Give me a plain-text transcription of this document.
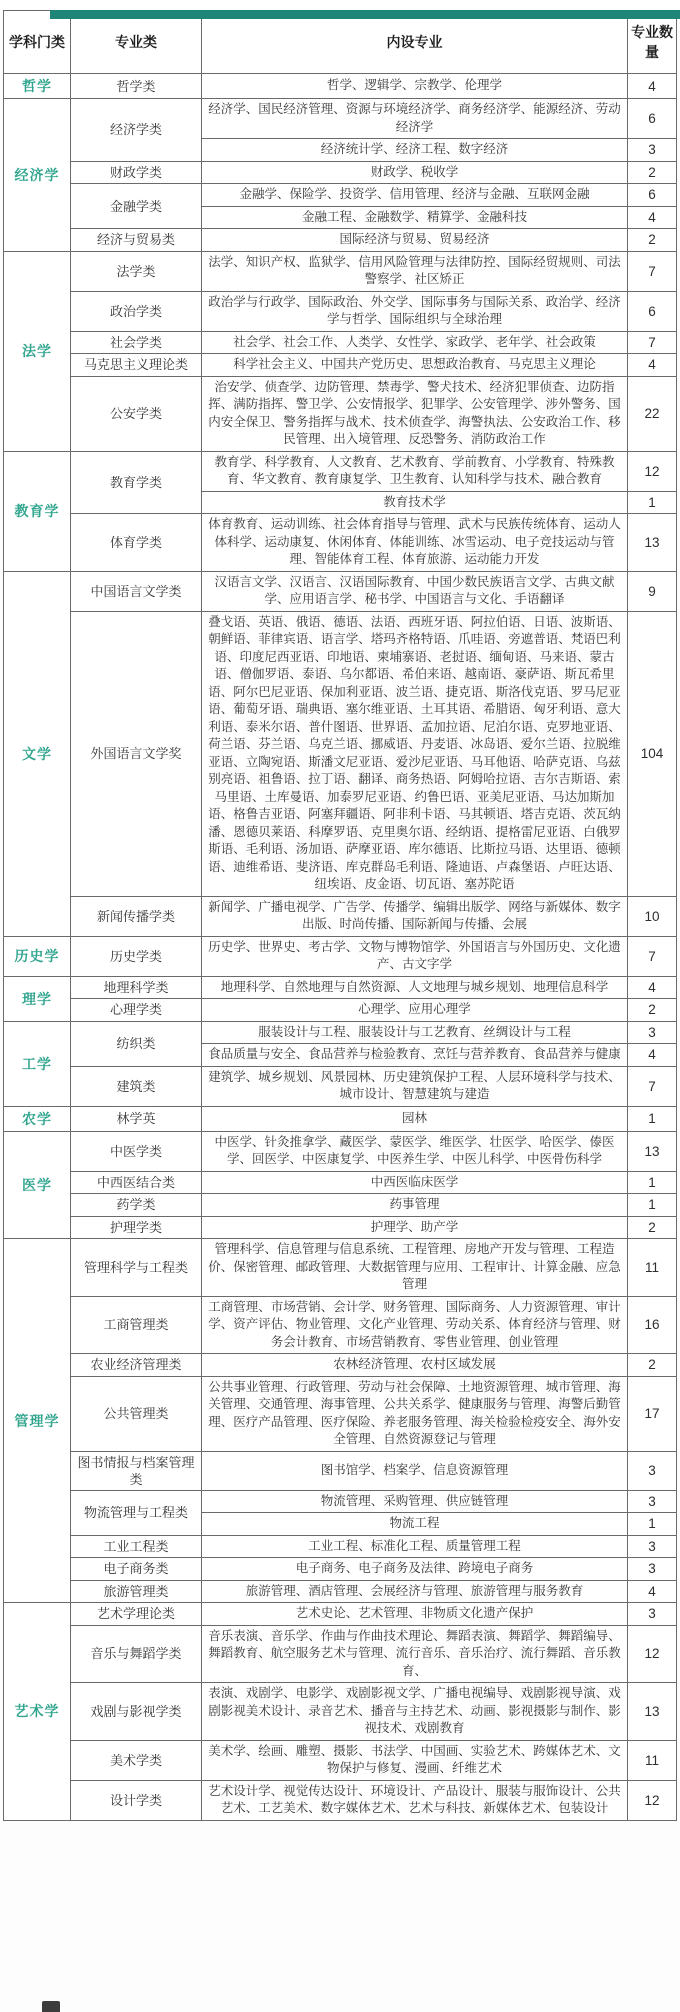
学科门类	专业类	内设专业	专业数量
哲学	哲学类	哲学、逻辑学、宗教学、伦理学	4
经济学	经济学类	经济学、国民经济管理、资源与环境经济学、商务经济学、能源经济、劳动经济学	6
		经济统计学、经济工程、数字经济	3
	财政学类	财政学、税收学	2
	金融学类	金融学、保险学、投资学、信用管理、经济与金融、互联网金融	6
		金融工程、金融数学、精算学、金融科技	4
	经济与贸易类	国际经济与贸易、贸易经济	2
法学	法学类	法学、知识产权、监狱学、信用风险管理与法律防控、国际经贸规则、司法警察学、社区矫正	7
	政治学类	政治学与行政学、国际政治、外交学、国际事务与国际关系、政治学、经济学与哲学、国际组织与全球治理	6
	社会学类	社会学、社会工作、人类学、女性学、家政学、老年学、社会政策	7
	马克思主义理论类	科学社会主义、中国共产党历史、思想政治教育、马克思主义理论	4
	公安学类	治安学、侦查学、边防管理、禁毒学、警犬技术、经济犯罪侦查、边防指挥、满防指挥、警卫学、公安情报学、犯罪学、公安管理学、涉外警务、国内安全保卫、警务指挥与战术、技术侦查学、海警执法、公安政治工作、移民管理、出入境管理、反恐警务、消防政治工作	22
教育学	教育学类	教育学、科学教育、人文教育、艺术教育、学前教育、小学教育、特殊教育、华文教育、教育康复学、卫生教育、认知科学与技术、融合教育	12
		教育技术学	1
	体育学类	体育教育、运动训练、社会体育指导与管理、武术与民族传统体育、运动人体科学、运动康复、休闲体育、体能训练、冰雪运动、电子竞技运动与管理、智能体育工程、体育旅游、运动能力开发	13
文学	中国语言文学类	汉语言文学、汉语言、汉语国际教育、中国少数民族语言文学、古典文献学、应用语言学、秘书学、中国语言与文化、手语翻译	9
	外国语言文学奖	叠戈语、英语、俄语、德语、法语、西班牙语、阿拉伯语、日语、波斯语、朝鲜语、菲律宾语、语言学、塔玛齐格特语、爪哇语、旁遮普语、梵语巴利语、印度尼西亚语、印地语、柬埔寨语、老挝语、缅甸语、马来语、蒙古语、僧伽罗语、泰语、乌尔都语、希伯来语、越南语、豪萨语、斯瓦希里语、阿尔巴尼亚语、保加利亚语、波兰语、捷克语、斯洛伐克语、罗马尼亚语、葡萄牙语、瑞典语、塞尔维亚语、土耳其语、希腊语、匈牙利语、意大利语、泰米尔语、普什图语、世界语、孟加拉语、尼泊尔语、克罗地亚语、荷兰语、芬兰语、乌克兰语、挪威语、丹麦语、冰岛语、爱尔兰语、拉脱维亚语、立陶宛语、斯潘文尼亚语、爱沙尼亚语、马耳他语、哈萨克语、乌兹别亮语、祖鲁语、拉丁语、翻译、商务热语、阿姆哈拉语、吉尔吉斯语、索马里语、土库曼语、加泰罗尼亚语、约鲁巴语、亚美尼亚语、马达加斯加语、格鲁吉亚语、阿塞拜疆语、阿非利卡语、马其顿语、塔吉克语、茨瓦纳潘、恩德贝莱语、科摩罗语、克里奥尔语、经纳语、提格雷尼亚语、白俄罗斯语、毛利语、汤加语、萨摩亚语、库尔德语、比斯拉马语、达里语、德顿语、迪维希语、斐济语、库克群岛毛利语、隆迪语、卢森堡语、卢旺达语、纽埃语、皮金语、切瓦语、塞苏陀语	104
	新闻传播学类	新闻学、广播电视学、广告学、传播学、编辑出版学、网络与新媒体、数字出版、时尚传播、国际新闻与传播、会展	10
历史学	历史学类	历史学、世界史、考古学、文物与博物馆学、外国语言与外国历史、文化遗产、古文字学	7
理学	地理科学类	地理科学、自然地理与自然资源、人文地理与城乡规划、地理信息科学	4
	心理学类	心理学、应用心理学	2
工学	纺织类	服装设计与工程、服装设计与工艺教育、丝绸设计与工程	3
		食品质量与安全、食品营养与检验教育、烹饪与营养教育、食品营养与健康	4
	建筑类	建筑学、城乡规划、风景园林、历史建筑保护工程、人层环境科学与技术、城市设计、智慧建筑与建造	7
农学	林学英	园林	1
医学	中医学类	中医学、针灸推拿学、藏医学、蒙医学、维医学、壮医学、哈医学、傣医学、回医学、中医康复学、中医养生学、中医儿科学、中医骨伤科学	13
	中西医结合类	中西医临床医学	1
	药学类	药事管理	1
	护理学类	护理学、助产学	2
管理学	管理科学与工程类	管理科学、信息管理与信息系统、工程管理、房地产开发与管理、工程造价、保密管理、邮政管理、大数据管理与应用、工程审计、计算金融、应急管理	11
	工商管理类	工商管理、市场营销、会计学、财务管理、国际商务、人力资源管理、审计学、资产评估、物业管理、文化产业管理、劳动关系、体育经济与管理、财务会计教育、市场营销教育、零售业管理、创业管理	16
	农业经济管理类	农林经济管理、农村区域发展	2
	公共管理类	公共事业管理、行政管理、劳动与社会保障、土地资源管理、城市管理、海关管理、交通管理、海事管理、公共关系学、健康服务与管理、海警后勤管理、医疗产品管理、医疗保险、养老服务管理、海关检验检疫安全、海外安全管理、自然资源登记与管理	17
	图书情报与档案管理类	图书馆学、档案学、信息资源管理	3
	物流管理与工程类	物流管理、采购管理、供应链管理	3
		物流工程	1
	工业工程类	工业工程、标准化工程、质量管理工程	3
	电子商务类	电子商务、电子商务及法律、跨境电子商务	3
	旅游管理类	旅游管理、酒店管理、会展经济与管理、旅游管理与服务教育	4
艺术学	艺术学理论类	艺术史论、艺术管理、非物质文化遗产保护	3
	音乐与舞蹈学类	音乐表演、音乐学、作曲与作曲技术理论、舞蹈表演、舞蹈学、舞蹈编导、舞蹈教育、航空服务艺术与管理、流行音乐、音乐治疗、流行舞蹈、音乐教育、	12
	戏剧与影视学类	表演、戏剧学、电影学、戏剧影视文学、广播电视编导、戏剧影视导演、戏剧影视美术设计、录音艺术、播音与主持艺术、动画、影视摄影与制作、影视技术、戏剧教育	13
	美术学类	美术学、绘画、雕塑、摄影、书法学、中国画、实验艺术、跨媒体艺术、文物保护与修复、漫画、纤维艺术	11
	设计学类	艺术设计学、视觉传达设计、环境设计、产品设计、服装与服饰设计、公共艺术、工艺美术、数字媒体艺术、艺术与科技、新媒体艺术、包装设计	12
